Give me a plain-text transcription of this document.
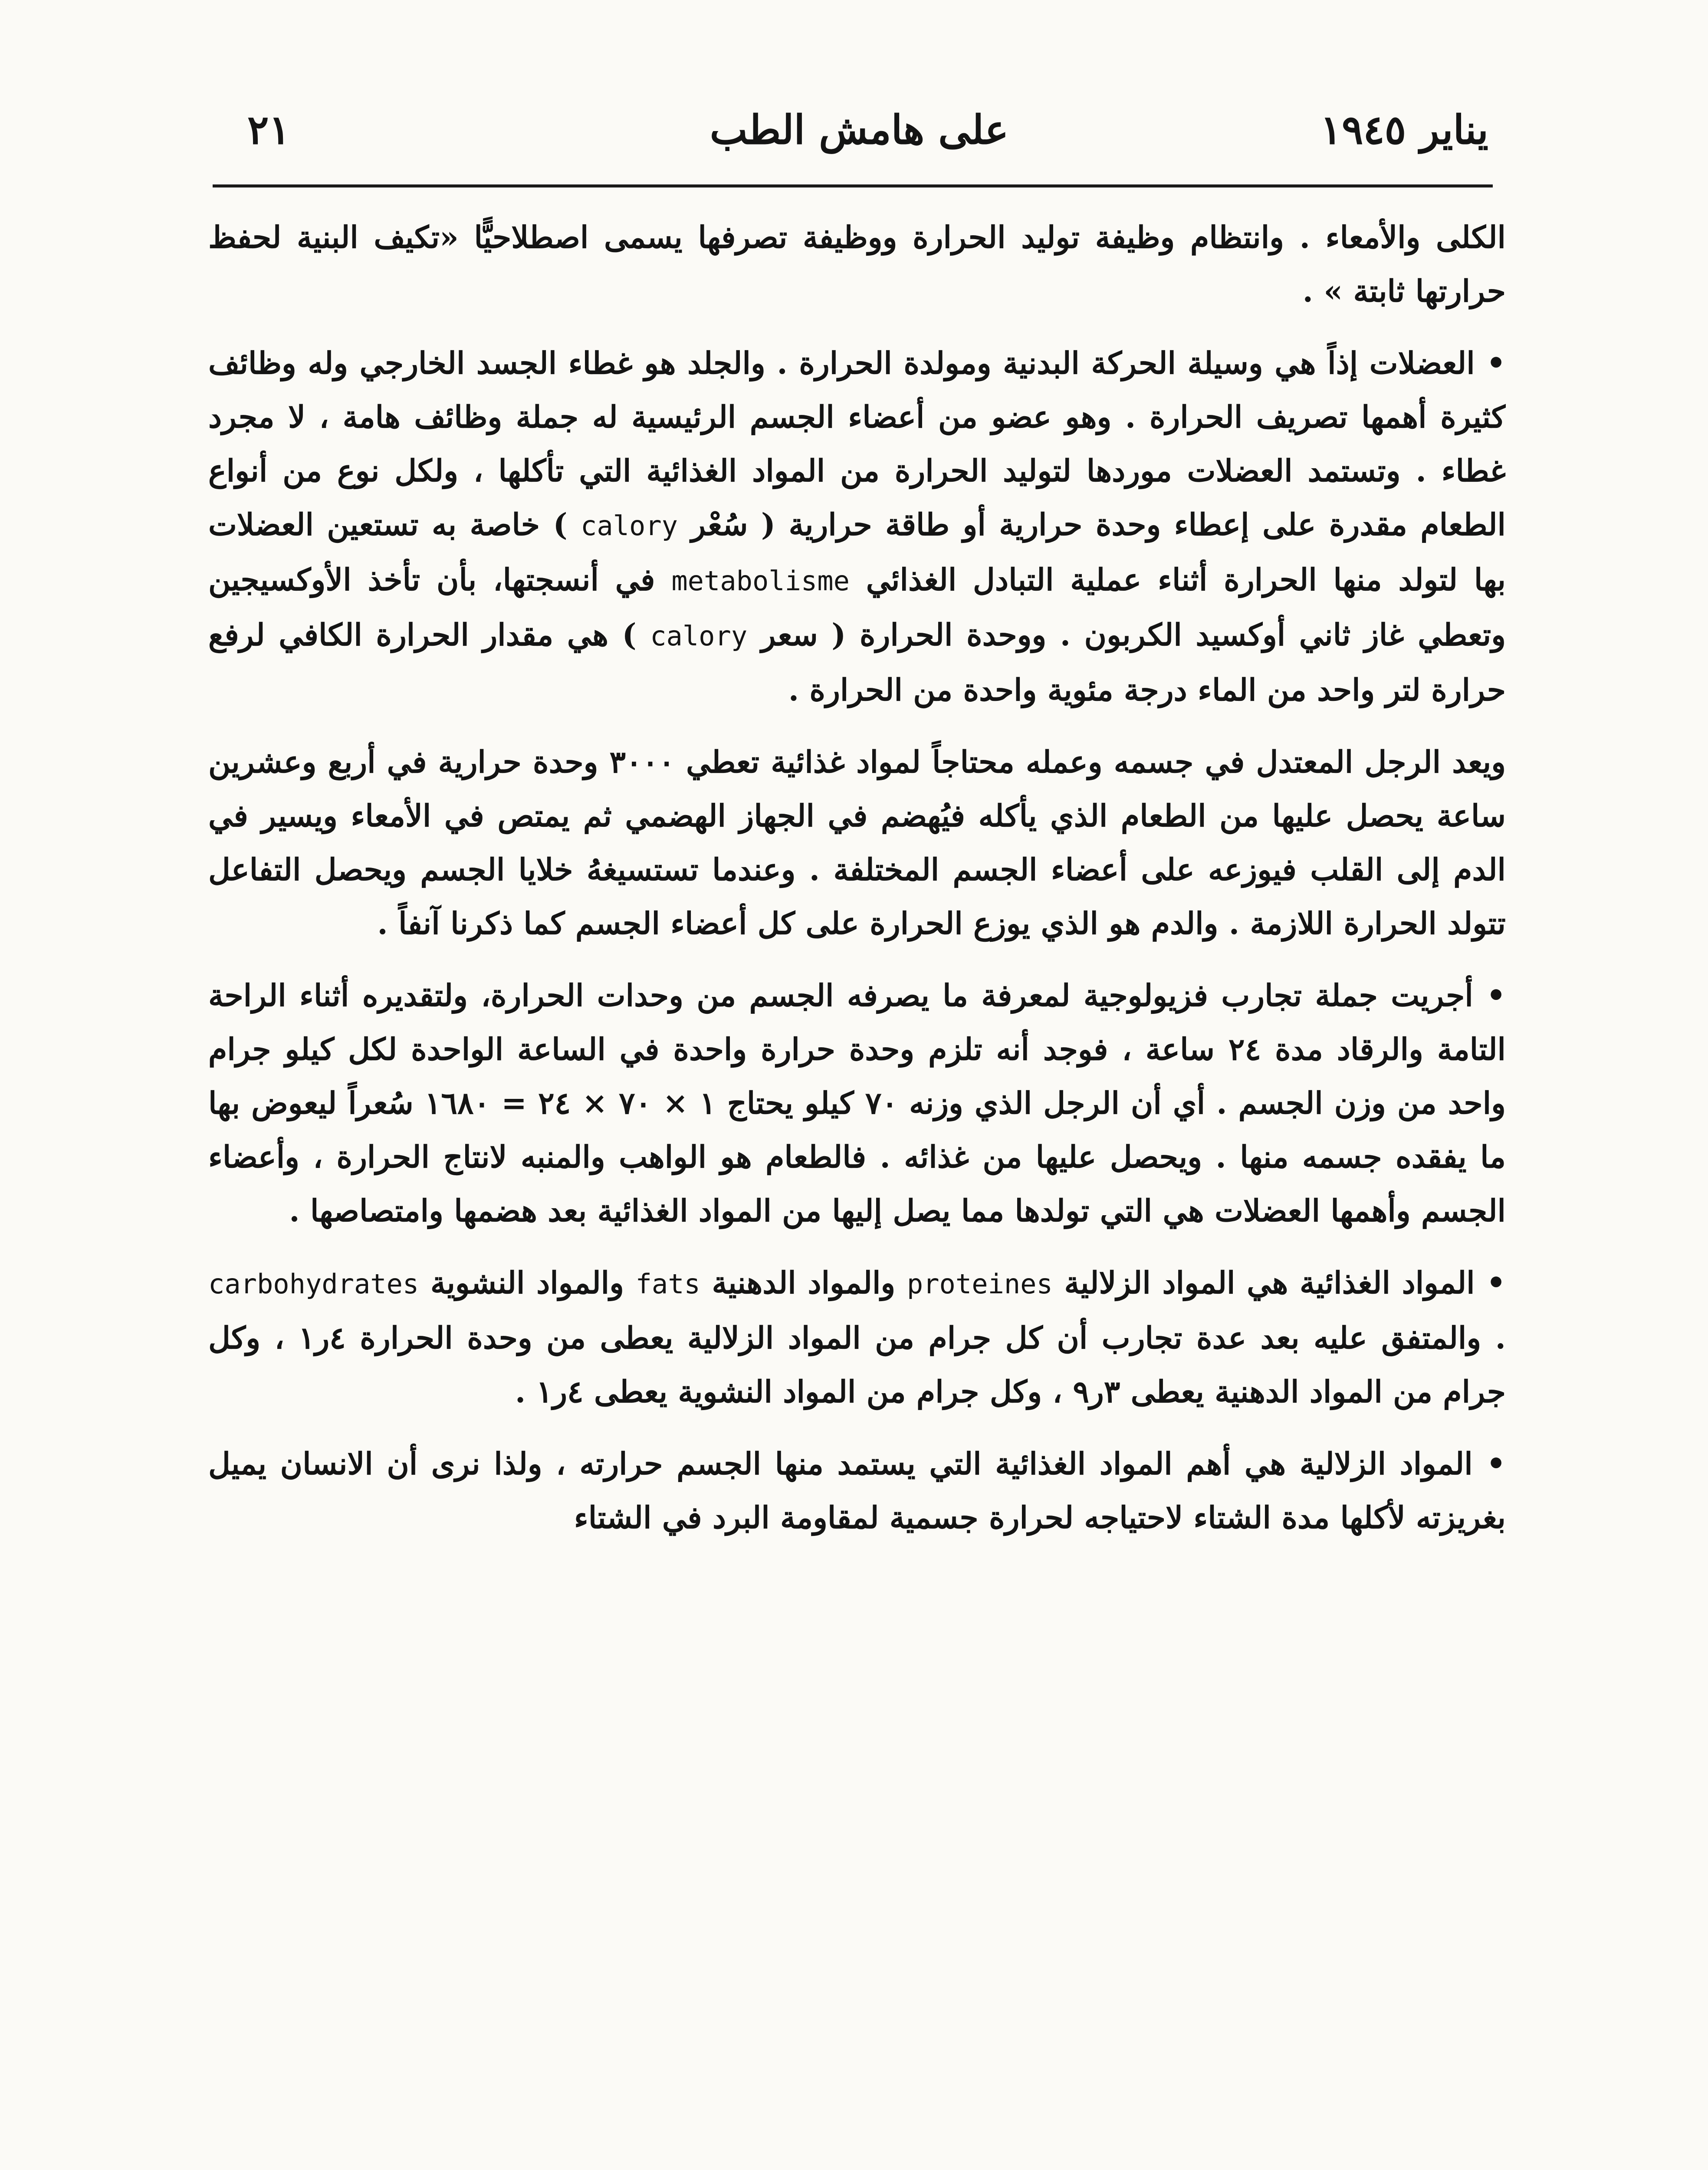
يناير ١٩٤٥
على هامش الطب
٢١

الكلى والأمعاء . وانتظام وظيفة توليد الحرارة ووظيفة تصرفها يسمى اصطلاحيًّا «تكيف البنية لحفظ حرارتها ثابتة » .

• العضلات إذاً هي وسيلة الحركة البدنية ومولدة الحرارة . والجلد هو غطاء الجسد الخارجي وله وظائف كثيرة أهمها تصريف الحرارة . وهو عضو من أعضاء الجسم الرئيسية له جملة وظائف هامة ، لا مجرد غطاء . وتستمد العضلات موردها لتوليد الحرارة من المواد الغذائية التي تأكلها ، ولكل نوع من أنواع الطعام مقدرة على إعطاء وحدة حرارية أو طاقة حرارية ( سُعْر calory ) خاصة به تستعين العضلات بها لتولد منها الحرارة أثناء عملية التبادل الغذائي metabolisme في أنسجتها، بأن تأخذ الأوكسيجين وتعطي غاز ثاني أوكسيد الكربون . ووحدة الحرارة ( سعر calory ) هي مقدار الحرارة الكافي لرفع حرارة لتر واحد من الماء درجة مئوية واحدة من الحرارة .

ويعد الرجل المعتدل في جسمه وعمله محتاجاً لمواد غذائية تعطي ٣٠٠٠ وحدة حرارية في أربع وعشرين ساعة يحصل عليها من الطعام الذي يأكله فيُهضم في الجهاز الهضمي ثم يمتص في الأمعاء ويسير في الدم إلى القلب فيوزعه على أعضاء الجسم المختلفة . وعندما تستسيغهُ خلايا الجسم ويحصل التفاعل تتولد الحرارة اللازمة . والدم هو الذي يوزع الحرارة على كل أعضاء الجسم كما ذكرنا آنفاً .

• أجريت جملة تجارب فزيولوجية لمعرفة ما يصرفه الجسم من وحدات الحرارة، ولتقديره أثناء الراحة التامة والرقاد مدة ٢٤ ساعة ، فوجد أنه تلزم وحدة حرارة واحدة في الساعة الواحدة لكل كيلو جرام واحد من وزن الجسم . أي أن الرجل الذي وزنه ٧٠ كيلو يحتاج ١ × ٧٠ × ٢٤ = ١٦٨٠ سُعراً ليعوض بها ما يفقده جسمه منها . ويحصل عليها من غذائه . فالطعام هو الواهب والمنبه لانتاج الحرارة ، وأعضاء الجسم وأهمها العضلات هي التي تولدها مما يصل إليها من المواد الغذائية بعد هضمها وامتصاصها .

• المواد الغذائية هي المواد الزلالية proteines والمواد الدهنية fats والمواد النشوية carbohydrates . والمتفق عليه بعد عدة تجارب أن كل جرام من المواد الزلالية يعطى من وحدة الحرارة ٤ر١ ، وكل جرام من المواد الدهنية يعطى ٣ر٩ ، وكل جرام من المواد النشوية يعطى ٤ر١ .

• المواد الزلالية هي أهم المواد الغذائية التي يستمد منها الجسم حرارته ، ولذا نرى أن الانسان يميل بغريزته لأكلها مدة الشتاء لاحتياجه لحرارة جسمية لمقاومة البرد في الشتاء
